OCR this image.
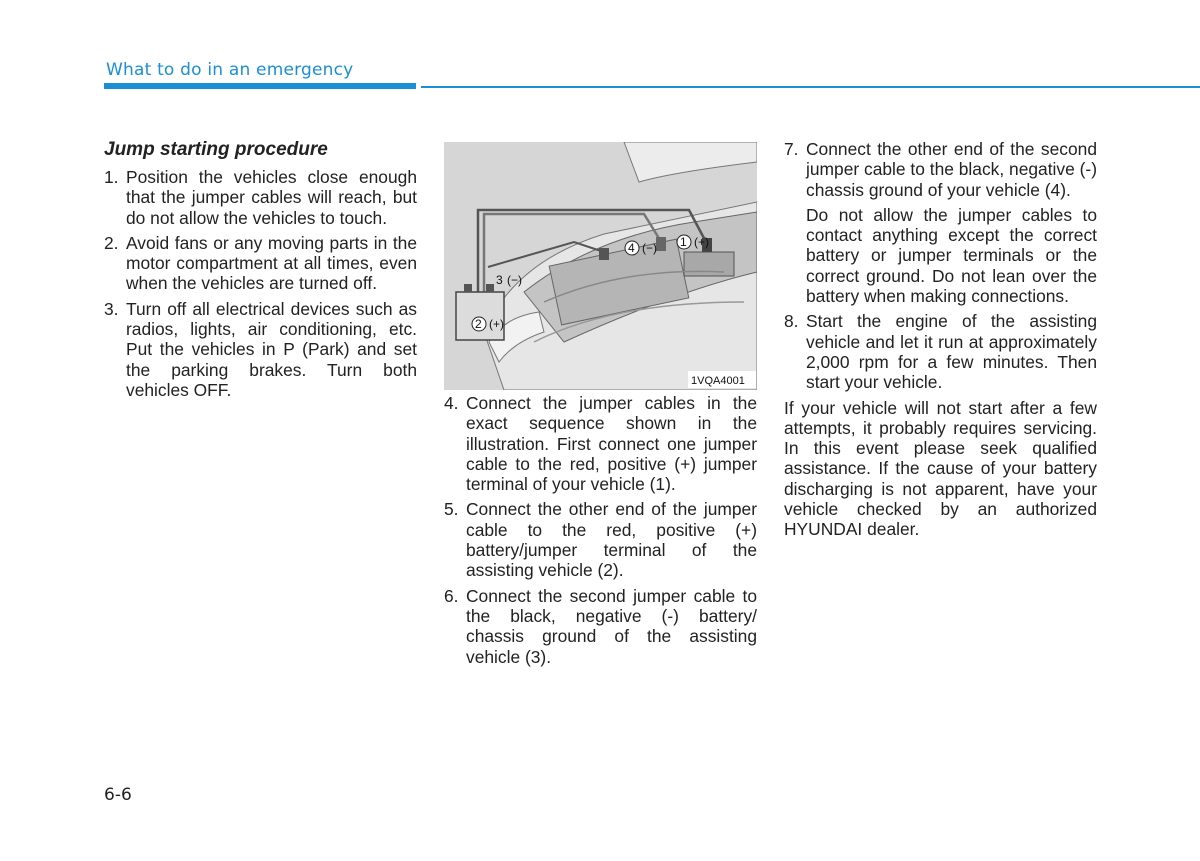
What to do in an emergency
Jump starting procedure
1. Position the vehicles close enough that the jumper cables will reach, but do not allow the vehicles to touch.
2. Avoid fans or any moving parts in the motor compartment at all times, even when the vehicles are turned off.
3. Turn off all electrical devices such as radios, lights, air conditioning, etc. Put the vehicles in P (Park) and set the parking brakes. Turn both vehicles OFF.
1 (+)
4 (−)
3 (−)
2 (+)
1VQA4001
4. Connect the jumper cables in the exact sequence shown in the illustration. First connect one jumper cable to the red, positive (+) jumper terminal of your vehicle (1).
5. Connect the other end of the jumper cable to the red, positive (+) battery/jumper terminal of the assisting vehicle (2).
6. Connect the second jumper cable to the black, negative (-) battery/ chassis ground of the assisting vehicle (3).
7. Connect the other end of the second jumper cable to the black, negative (-) chassis ground of your vehicle (4).
Do not allow the jumper cables to contact anything except the correct battery or jumper terminals or the correct ground. Do not lean over the battery when making connections.
8. Start the engine of the assisting vehicle and let it run at approximately 2,000 rpm for a few minutes. Then start your vehicle.
If your vehicle will not start after a few attempts, it probably requires servicing. In this event please seek qualified assistance. If the cause of your battery discharging is not apparent, have your vehicle checked by an authorized HYUNDAI dealer.
6-6
